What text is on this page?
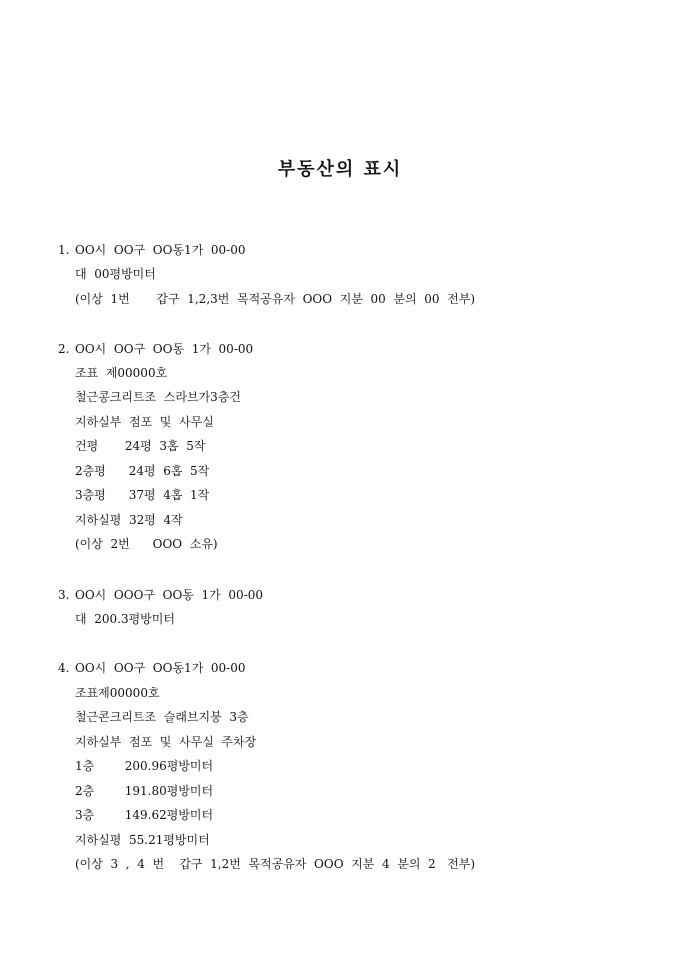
부동산의 표시
1. OO시  OO구  OO동1가  00-00
대  00평방미터
(이상  1번       갑구  1,2,3번  목적공유자  OOO  지분  00  분의  00  전부)
2. OO시  OO구  OO동  1가  00-00
조표  제00000호
철근콩크리트조  스라브가3층건
지하실부  점포  및  사무실
건평       24평  3홉  5작
2층평      24평  6홉  5작
3층평      37평  4홉  1작
지하실평  32평  4작
(이상  2번      OOO  소유)
3. OO시  OOO구  OO동  1가  00-00
대  200.3평방미터
4. OO시  OO구  OO동1가  00-00
조표제00000호
철근콘크리트조  슬래브지붕  3층
지하실부  점포  및  사무실  주차장
1층        200.96평방미터
2층        191.80평방미터
3층        149.62평방미터
지하실평  55.21평방미터
(이상  3  ,  4  번    갑구  1,2번  목적공유자  OOO  지분  4  분의  2   전부)
